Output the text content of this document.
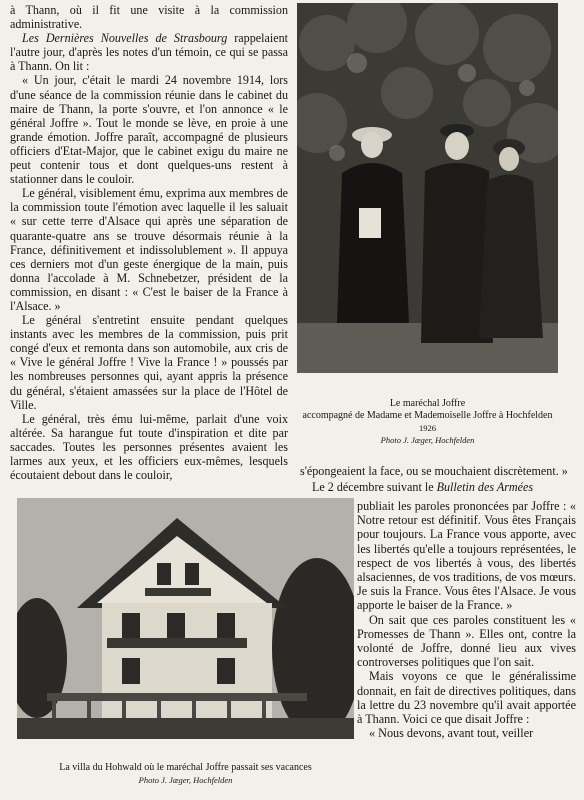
à Thann, où il fit une visite à la commission administrative.

Les Dernières Nouvelles de Strasbourg rappelaient l'autre jour, d'après les notes d'un témoin, ce qui se passa à Thann. On lit :

« Un jour, c'était le mardi 24 novembre 1914, lors d'une séance de la commission réunie dans le cabinet du maire de Thann, la porte s'ouvre, et l'on annonce « le général Joffre ». Tout le monde se lève, en proie à une grande émotion. Joffre paraît, accompagné de plusieurs officiers d'Etat-Major, que le cabinet exigu du maire ne peut contenir tous et dont quelques-uns restent à stationner dans le couloir.

Le général, visiblement ému, exprima aux membres de la commission toute l'émotion avec laquelle il les saluait « sur cette terre d'Alsace qui après une séparation de quarante-quatre ans se trouve désormais réunie à la France, définitivement et indissolublement ». Il appuya ces derniers mot d'un geste énergique de la main, puis donna l'accolade à M. Schnebetzer, président de la commission, en disant : « C'est le baiser de la France à l'Alsace. »

Le général s'entretint ensuite pendant quelques instants avec les membres de la commission, puis prit congé d'eux et remonta dans son automobile, aux cris de « Vive le général Joffre ! Vive la France ! » poussés par les nombreuses personnes qui, ayant appris la présence du général, s'étaient amassées sur la place de l'Hôtel de Ville.

Le général, très ému lui-même, parlait d'une voix altérée. Sa harangue fut toute d'inspiration et dite par saccades. Toutes les personnes présentes avaient les larmes aux yeux, et les officiers eux-mêmes, lesquels écoutaient debout dans le couloir,

Le maréchal Joffre
accompagné de Madame et Mademoiselle Joffre à Hochfelden
1926
Photo J. Jæger, Hochfelden

s'épongeaient la face, ou se mouchaient discrètement. »

Le 2 décembre suivant le Bulletin des Armées

La villa du Hohwald où le maréchal Joffre passait ses vacances
Photo J. Jæger, Hochfelden

publiait les paroles prononcées par Joffre : « Notre retour est définitif. Vous êtes Français pour toujours. La France vous apporte, avec les libertés qu'elle a toujours représentées, le respect de vos libertés à vous, des libertés alsaciennes, de vos traditions, de vos mœurs. Je suis la France. Vous êtes l'Alsace. Je vous apporte le baiser de la France. »

On sait que ces paroles constituent les « Promesses de Thann ». Elles ont, contre la volonté de Joffre, donné lieu aux vives controverses politiques que l'on sait.

Mais voyons ce que le généralissime donnait, en fait de directives politiques, dans la lettre du 23 novembre qu'il avait apportée à Thann. Voici ce que disait Joffre :

« Nous devons, avant tout, veiller
